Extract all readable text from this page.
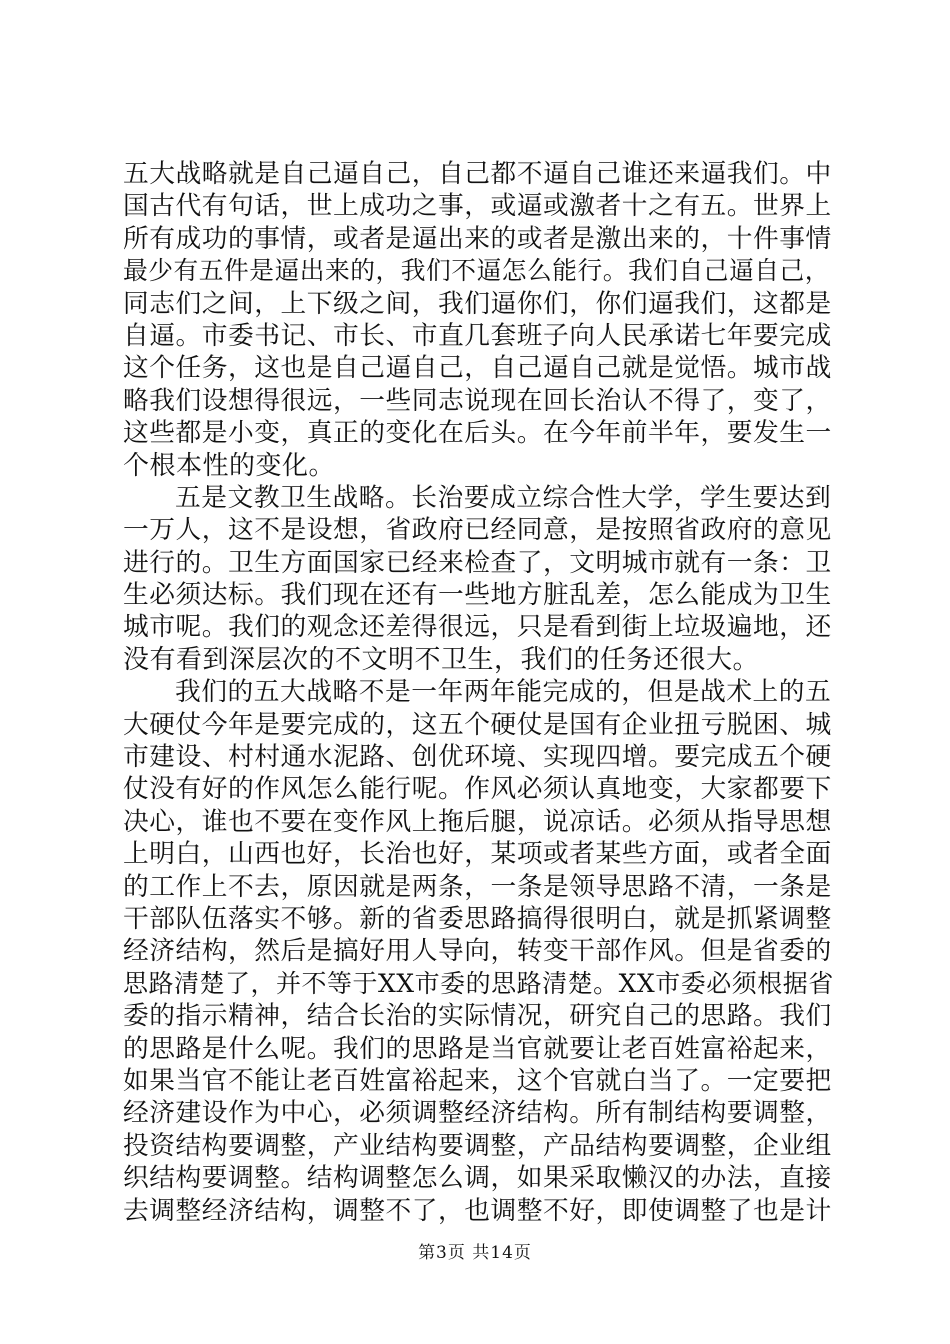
五大战略就是自己逼自己，自己都不逼自己谁还来逼我们。中
国古代有句话，世上成功之事，或逼或激者十之有五。世界上
所有成功的事情，或者是逼出来的或者是激出来的，十件事情
最少有五件是逼出来的，我们不逼怎么能行。我们自己逼自己，
同志们之间，上下级之间，我们逼你们，你们逼我们，这都是
自逼。市委书记、市长、市直几套班子向人民承诺七年要完成
这个任务，这也是自己逼自己，自己逼自己就是觉悟。城市战
略我们设想得很远，一些同志说现在回长治认不得了，变了，
这些都是小变，真正的变化在后头。在今年前半年，要发生一
个根本性的变化。
五是文教卫生战略。长治要成立综合性大学，学生要达到
一万人，这不是设想，省政府已经同意，是按照省政府的意见
进行的。卫生方面国家已经来检查了，文明城市就有一条：卫
生必须达标。我们现在还有一些地方脏乱差，怎么能成为卫生
城市呢。我们的观念还差得很远，只是看到街上垃圾遍地，还
没有看到深层次的不文明不卫生，我们的任务还很大。
我们的五大战略不是一年两年能完成的，但是战术上的五
大硬仗今年是要完成的，这五个硬仗是国有企业扭亏脱困、城
市建设、村村通水泥路、创优环境、实现四增。要完成五个硬
仗没有好的作风怎么能行呢。作风必须认真地变，大家都要下
决心，谁也不要在变作风上拖后腿，说凉话。必须从指导思想
上明白，山西也好，长治也好，某项或者某些方面，或者全面
的工作上不去，原因就是两条，一条是领导思路不清，一条是
干部队伍落实不够。新的省委思路搞得很明白，就是抓紧调整
经济结构，然后是搞好用人导向，转变干部作风。但是省委的
思路清楚了，并不等于XX市委的思路清楚。XX市委必须根据省
委的指示精神，结合长治的实际情况，研究自己的思路。我们
的思路是什么呢。我们的思路是当官就要让老百姓富裕起来，
如果当官不能让老百姓富裕起来，这个官就白当了。一定要把
经济建设作为中心，必须调整经济结构。所有制结构要调整，
投资结构要调整，产业结构要调整，产品结构要调整，企业组
织结构要调整。结构调整怎么调，如果采取懒汉的办法，直接
去调整经济结构，调整不了，也调整不好，即使调整了也是计
第3页 共14页
